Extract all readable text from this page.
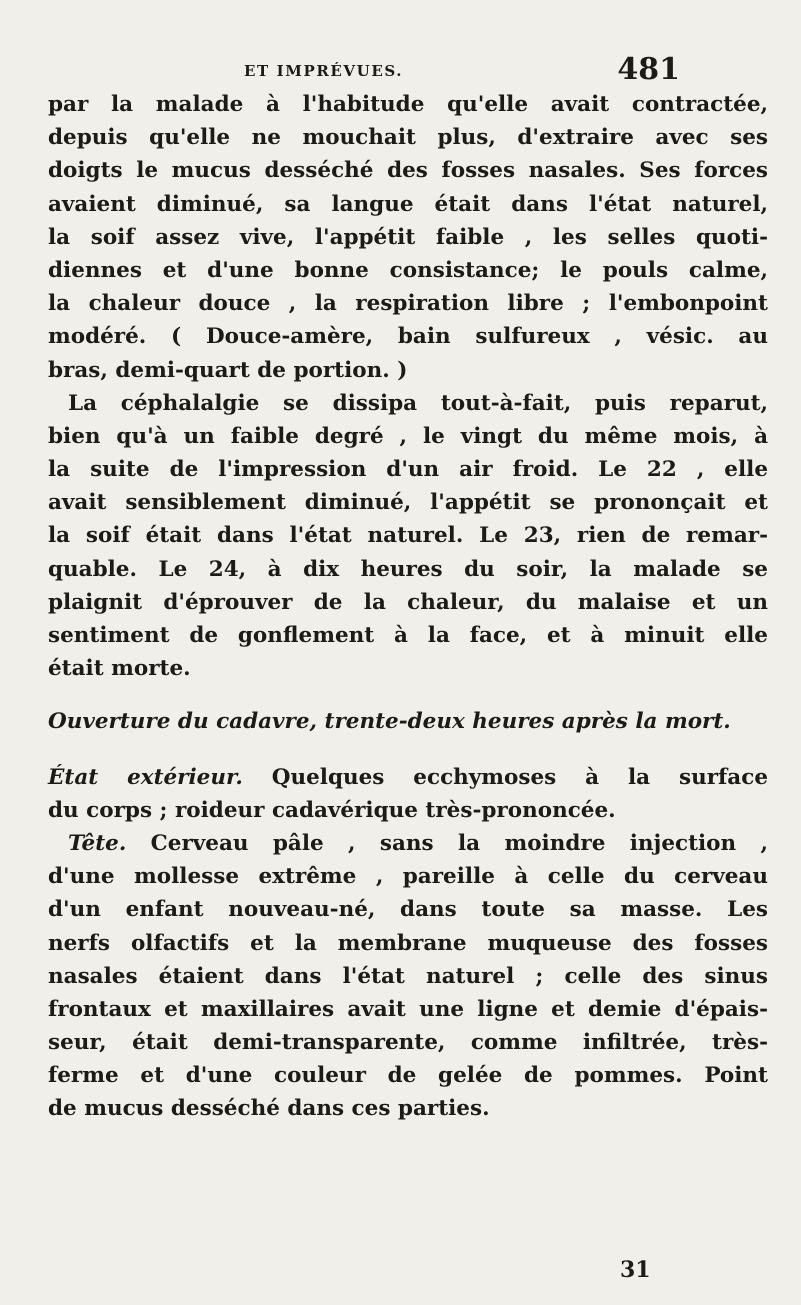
ET IMPRÉVUES.	481
par la malade à l'habitude qu'elle avait contractée,
depuis qu'elle ne mouchait plus, d'extraire avec ses
doigts le mucus desséché des fosses nasales. Ses forces
avaient diminué, sa langue était dans l'état naturel,
la soif assez vive, l'appétit faible , les selles quoti-
diennes et d'une bonne consistance; le pouls calme,
la chaleur douce , la respiration libre ; l'embonpoint
modéré. ( Douce-amère, bain sulfureux , vésic. au
bras, demi-quart de portion. )
La céphalalgie se dissipa tout-à-fait, puis reparut,
bien qu'à un faible degré , le vingt du même mois, à
la suite de l'impression d'un air froid. Le 22 , elle
avait sensiblement diminué, l'appétit se prononçait et
la soif était dans l'état naturel. Le 23, rien de remar-
quable. Le 24, à dix heures du soir, la malade se
plaignit d'éprouver de la chaleur, du malaise et un
sentiment de gonflement à la face, et à minuit elle
était morte.
Ouverture du cadavre, trente-deux heures après la mort.
État extérieur. Quelques ecchymoses à la surface
du corps ; roideur cadavérique très-prononcée.
Tête. Cerveau pâle , sans la moindre injection ,
d'une mollesse extrême , pareille à celle du cerveau
d'un enfant nouveau-né, dans toute sa masse. Les
nerfs olfactifs et la membrane muqueuse des fosses
nasales étaient dans l'état naturel ; celle des sinus
frontaux et maxillaires avait une ligne et demie d'épais-
seur, était demi-transparente, comme infiltrée, très-
ferme et d'une couleur de gelée de pommes. Point
de mucus desséché dans ces parties.
31
